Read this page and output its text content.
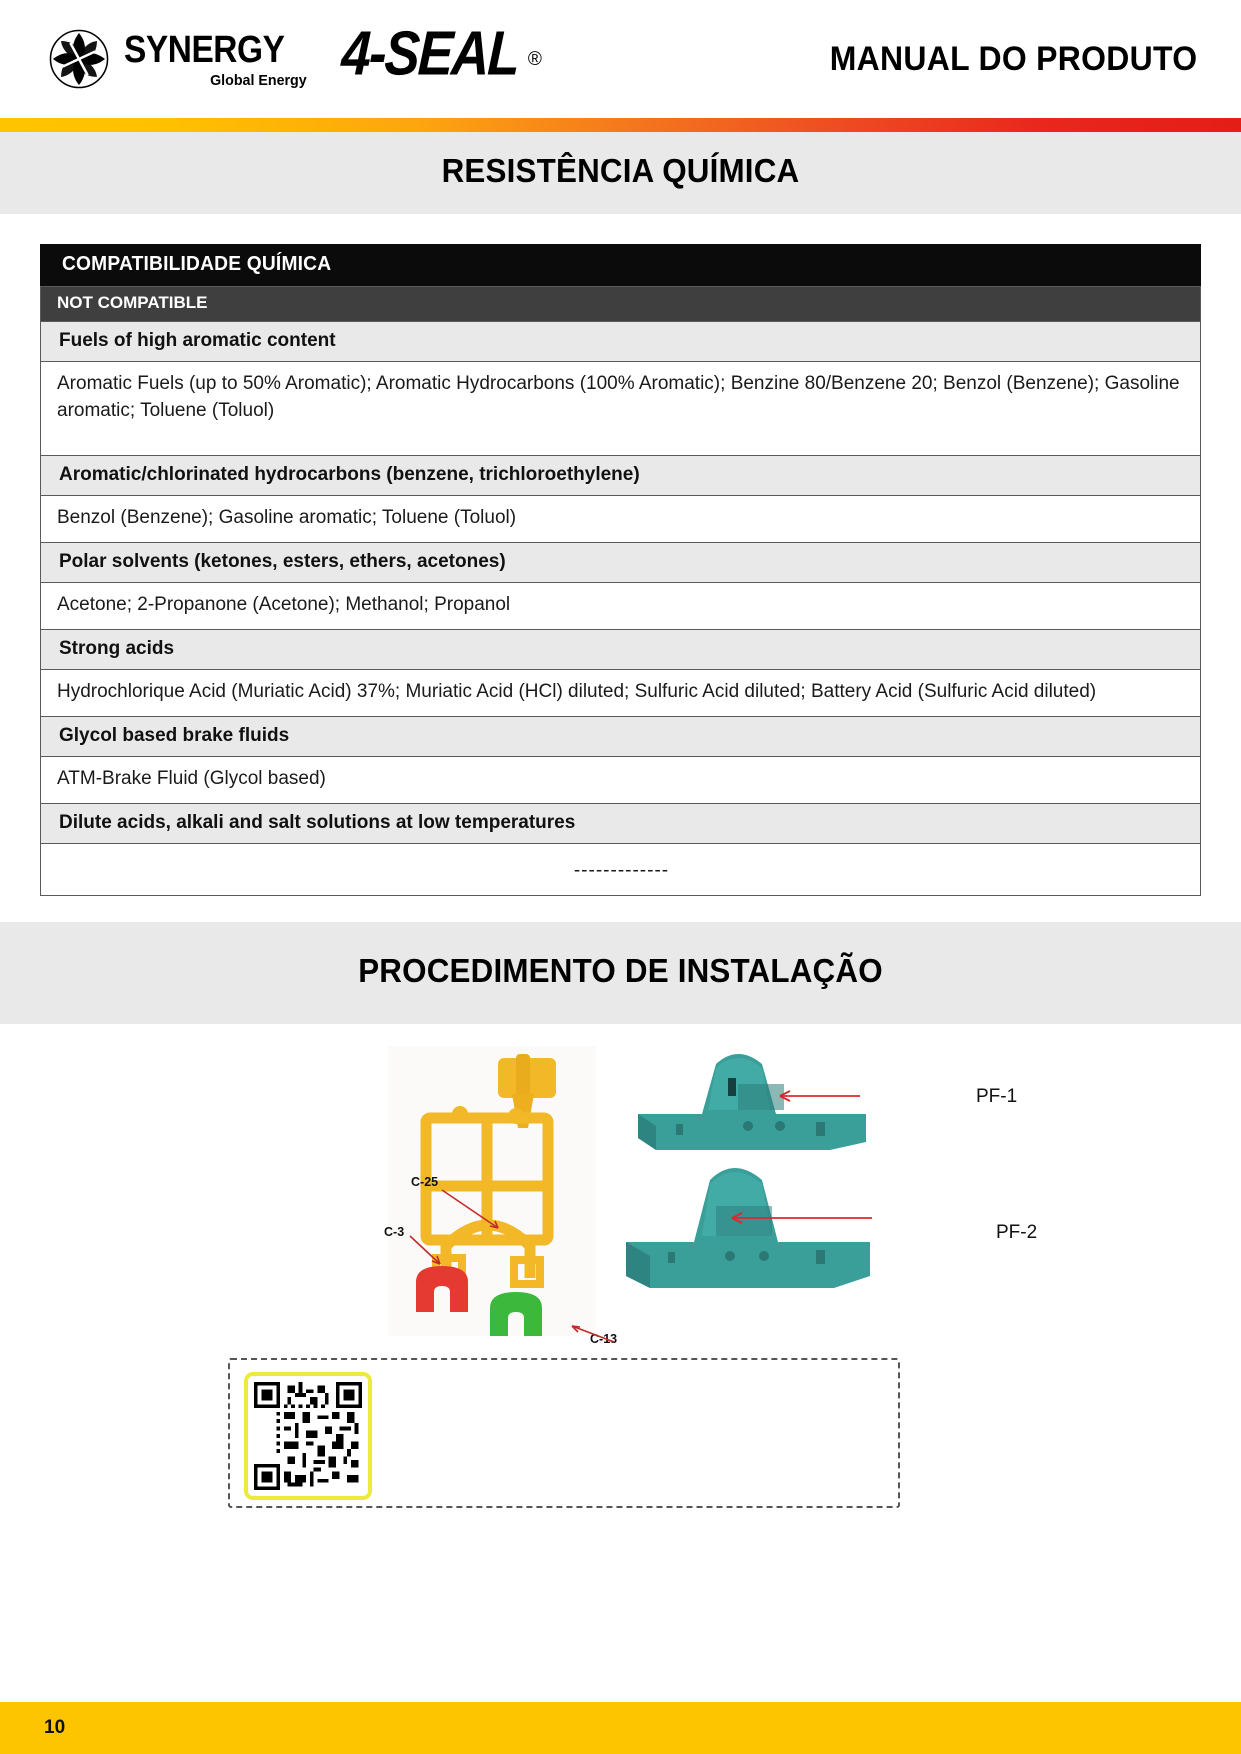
SYNERGY
Global Energy 4-SEAL ®	MANUAL DO PRODUTO
RESISTÊNCIA QUÍMICA
COMPATIBILIDADE QUÍMICA
NOT COMPATIBLE
Fuels of high aromatic content
Aromatic Fuels (up to 50% Aromatic); Aromatic Hydrocarbons (100% Aromatic); Benzine 80/Benzene 20; Benzol (Benzene); Gasoline aromatic; Toluene (Toluol)
Aromatic/chlorinated hydrocarbons (benzene, trichloroethylene)
Benzol (Benzene); Gasoline aromatic; Toluene (Toluol)
Polar solvents (ketones, esters, ethers, acetones)
Acetone; 2-Propanone (Acetone); Methanol; Propanol
Strong acids
Hydrochlorique Acid (Muriatic Acid) 37%; Muriatic Acid (HCl) diluted; Sulfuric Acid diluted; Battery Acid (Sulfuric Acid diluted)
Glycol based brake fluids
ATM-Brake Fluid (Glycol based)
Dilute acids, alkali and salt solutions at low temperatures
-------------
PROCEDIMENTO DE INSTALAÇÃO
C-25
C-3
C-13
PF-1
PF-2
10
